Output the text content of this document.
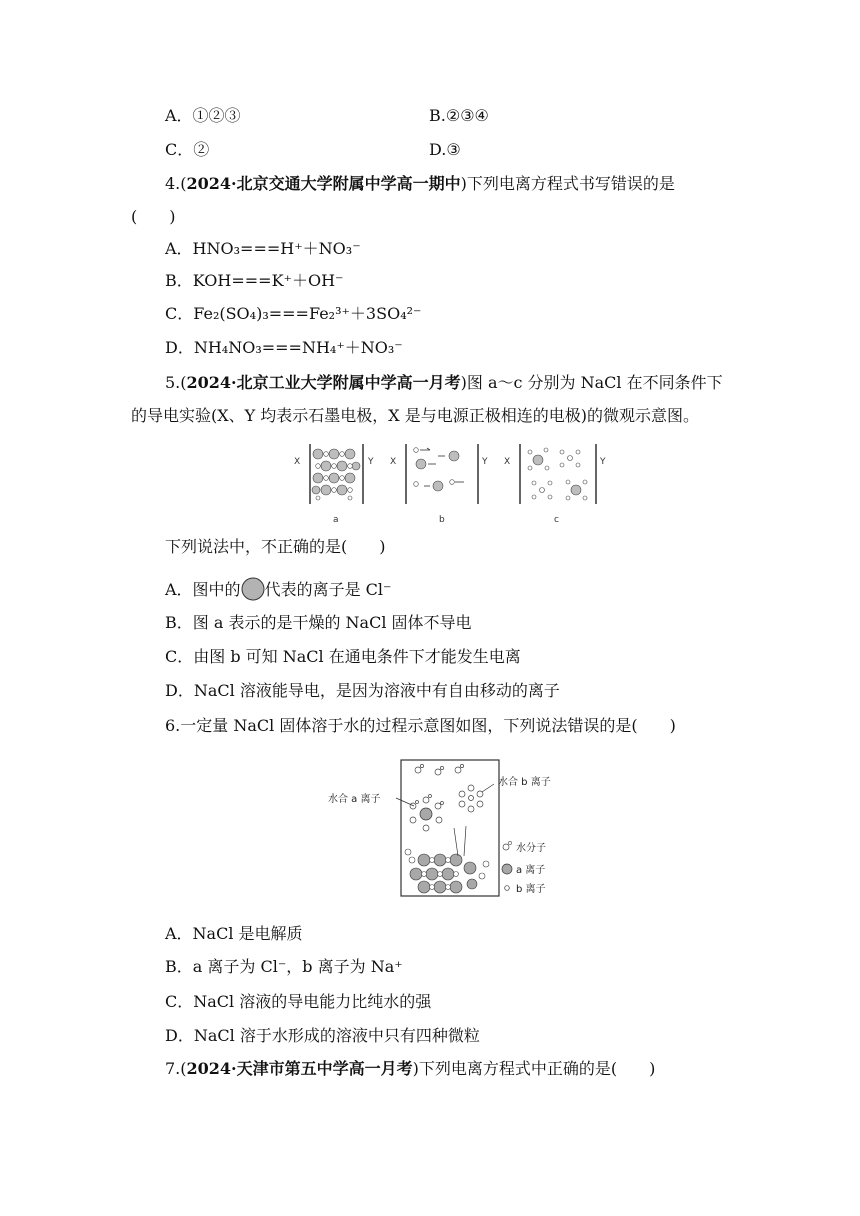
A．①②③	B.②③④
C．②	D.③
4.(2024·北京交通大学附属中学高一期中)下列电离方程式书写错误的是
(　　)
A．HNO₃===H⁺＋NO₃⁻
B．KOH===K⁺＋OH⁻
C．Fe₂(SO₄)₃===Fe₂³⁺＋3SO₄²⁻
D．NH₄NO₃===NH₄⁺＋NO₃⁻
5.(2024·北京工业大学附属中学高一月考)图 a～c 分别为 NaCl 在不同条件下
的导电实验(X、Y 均表示石墨电极，X 是与电源正极相连的电极)的微观示意图。
X	Y
a
X	Y
b
X	Y
c
下列说法中，不正确的是(　　)
A．图中的 代表的离子是 Cl⁻
B．图 a 表示的是干燥的 NaCl 固体不导电
C．由图 b 可知 NaCl 在通电条件下才能发生电离
D．NaCl 溶液能导电，是因为溶液中有自由移动的离子
6.一定量 NaCl 固体溶于水的过程示意图如图，下列说法错误的是(　　)
水合 a 离子
水合 b 离子
水分子
a 离子
b 离子
A．NaCl 是电解质
B．a 离子为 Cl⁻，b 离子为 Na⁺
C．NaCl 溶液的导电能力比纯水的强
D．NaCl 溶于水形成的溶液中只有四种微粒
7.(2024·天津市第五中学高一月考)下列电离方程式中正确的是(　　)
